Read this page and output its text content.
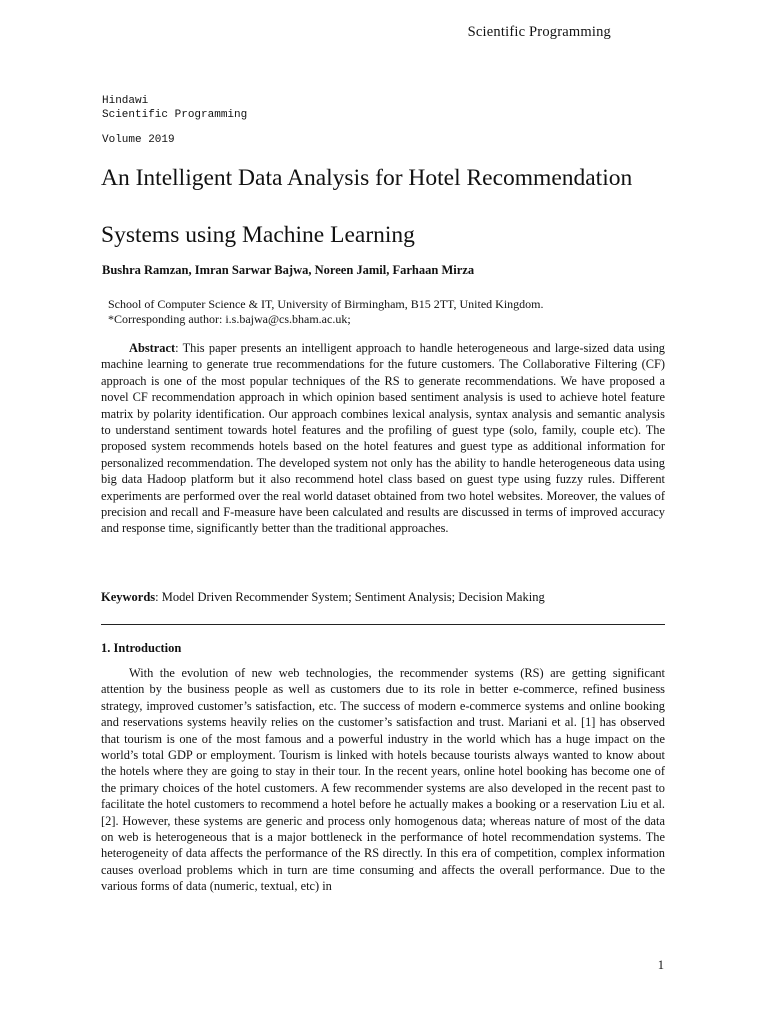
Scientific Programming
Hindawi
Scientific Programming
Volume 2019
An Intelligent Data Analysis for Hotel Recommendation Systems using Machine Learning
Bushra Ramzan, Imran Sarwar Bajwa, Noreen Jamil, Farhaan Mirza
School of Computer Science & IT, University of Birmingham, B15 2TT, United Kingdom.
*Corresponding author: i.s.bajwa@cs.bham.ac.uk;

Abstract: This paper presents an intelligent approach to handle heterogeneous and large-sized data using machine learning to generate true recommendations for the future customers. The Collaborative Filtering (CF) approach is one of the most popular techniques of the RS to generate recommendations. We have proposed a novel CF recommendation approach in which opinion based sentiment analysis is used to achieve hotel feature matrix by polarity identification. Our approach combines lexical analysis, syntax analysis and semantic analysis to understand sentiment towards hotel features and the profiling of guest type (solo, family, couple etc). The proposed system recommends hotels based on the hotel features and guest type as additional information for personalized recommendation. The developed system not only has the ability to handle heterogeneous data using big data Hadoop platform but it also recommend hotel class based on guest type using fuzzy rules. Different experiments are performed over the real world dataset obtained from two hotel websites. Moreover, the values of precision and recall and F-measure have been calculated and results are discussed in terms of improved accuracy and response time, significantly better than the traditional approaches.

Keywords: Model Driven Recommender System; Sentiment Analysis; Decision Making
1. Introduction

With the evolution of new web technologies, the recommender systems (RS) are getting significant attention by the business people as well as customers due to its role in better e-commerce, refined business strategy, improved customer’s satisfaction, etc. The success of modern e-commerce systems and online booking and reservations systems heavily relies on the customer’s satisfaction and trust. Mariani et al. [1] has observed that tourism is one of the most famous and a powerful industry in the world which has a huge impact on the world’s total GDP or employment. Tourism is linked with hotels because tourists always wanted to know about the hotels where they are going to stay in their tour. In the recent years, online hotel booking has become one of the primary choices of the hotel customers. A few recommender systems are also developed in the recent past to facilitate the hotel customers to recommend a hotel before he actually makes a booking or a reservation Liu et al. [2]. However, these systems are generic and process only homogenous data; whereas nature of most of the data on web is heterogeneous that is a major bottleneck in the performance of hotel recommendation systems. The heterogeneity of data affects the performance of the RS directly. In this era of competition, complex information causes overload problems which in turn are time consuming and affects the overall performance. Due to the various forms of data (numeric, textual, etc) in

1
